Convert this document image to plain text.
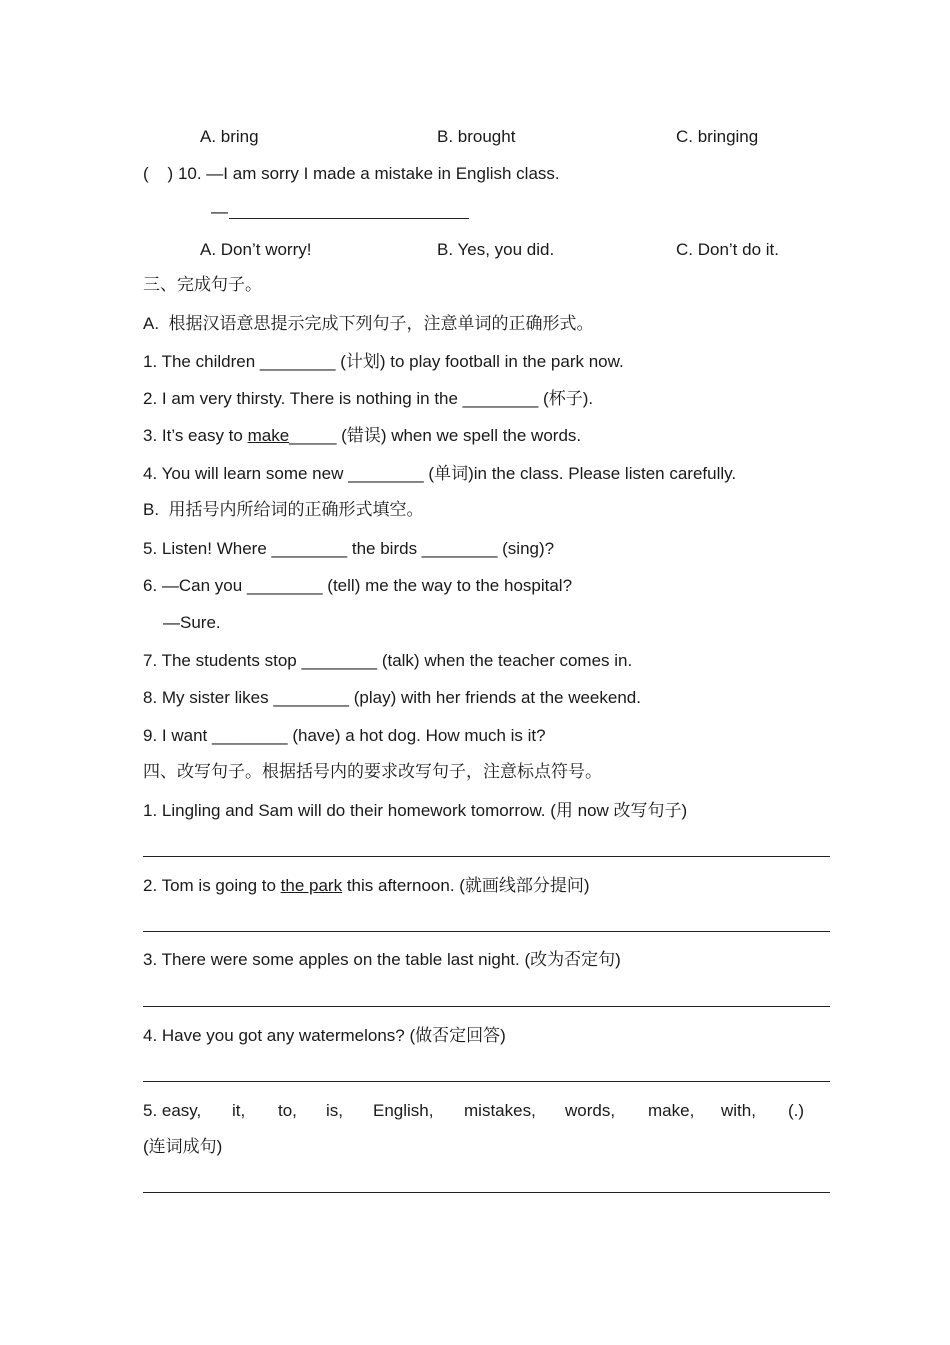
A. bring	B. brought	C. bringing
(    ) 10. —I am sorry I made a mistake in English class.
—
A. Don’t worry!	B. Yes, you did.	C. Don’t do it.
三、完成句子。
A.  根据汉语意思提示完成下列句子，注意单词的正确形式。
1. The children ________ (计划) to play football in the park now.
2. I am very thirsty. There is nothing in the ________ (杯子).
3. It’s easy to make_____ (错误) when we spell the words.
4. You will learn some new ________ (单词)in the class. Please listen carefully.
B.  用括号内所给词的正确形式填空。
5. Listen! Where ________ the birds ________ (sing)?
6. —Can you ________ (tell) me the way to the hospital?
—Sure.
7. The students stop ________ (talk) when the teacher comes in.
8. My sister likes ________ (play) with her friends at the weekend.
9. I want ________ (have) a hot dog. How much is it?
四、改写句子。根据括号内的要求改写句子，注意标点符号。
1. Lingling and Sam will do their homework tomorrow. (用 now 改写句子)
2. Tom is going to the park this afternoon. (就画线部分提问)
3. There were some apples on the table last night. (改为否定句)
4. Have you got any watermelons? (做否定回答)
5. easy, it, to, is, English, mistakes, words, make, with, (.)
(连词成句)
